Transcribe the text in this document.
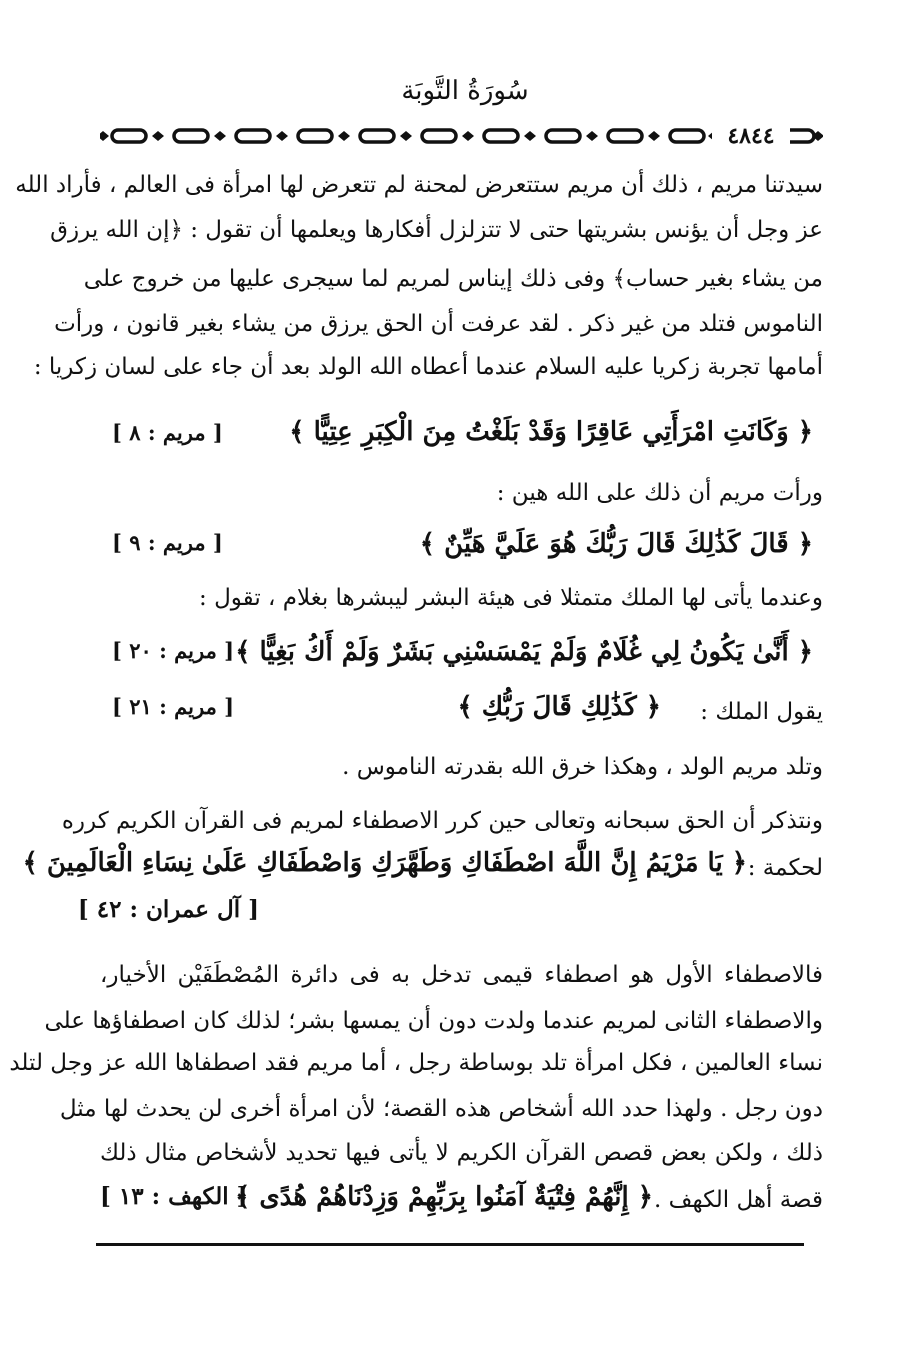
سُورَةُ التَّوبَة
٤٨٤٤
سيدتنا مريم ، ذلك أن مريم ستتعرض لمحنة لم تتعرض لها امرأة فى العالم ، فأراد الله
عز وجل أن يؤنس بشريتها حتى لا تتزلزل أفكارها ويعلمها أن تقول : ﴿إن الله يرزق
من يشاء بغير حساب﴾ وفى ذلك إيناس لمريم لما سيجرى عليها من خروج على
الناموس فتلد من غير ذكر . لقد عرفت أن الحق يرزق من يشاء بغير قانون ، ورأت
أمامها تجربة زكريا عليه السلام عندما أعطاه الله الولد بعد أن جاء على لسان زكريا :
﴿ وَكَانَتِ امْرَأَتِي عَاقِرًا وَقَدْ بَلَغْتُ مِنَ الْكِبَرِ عِتِيًّا ﴾
[ مريم : ٨ ]
ورأت مريم أن ذلك على الله هين :
﴿ قَالَ كَذَٰلِكَ قَالَ رَبُّكَ هُوَ عَلَيَّ هَيِّنٌ ﴾
[ مريم : ٩ ]
وعندما يأتى لها الملك متمثلا فى هيئة البشر ليبشرها بغلام ، تقول :
﴿ أَنَّىٰ يَكُونُ لِي غُلَامٌ وَلَمْ يَمْسَسْنِي بَشَرٌ وَلَمْ أَكُ بَغِيًّا ﴾
[ مريم : ٢٠ ]
يقول الملك :
﴿ كَذَٰلِكِ قَالَ رَبُّكِ ﴾
[ مريم : ٢١ ]
وتلد مريم الولد ، وهكذا خرق الله بقدرته الناموس .
ونتذكر أن الحق سبحانه وتعالى حين كرر الاصطفاء لمريم فى القرآن الكريم كرره
لحكمة :
﴿ يَا مَرْيَمُ إِنَّ اللَّهَ اصْطَفَاكِ وَطَهَّرَكِ وَاصْطَفَاكِ عَلَىٰ نِسَاءِ الْعَالَمِينَ ﴾
[ آل عمران : ٤٢ ]
فالاصطفاء الأول هو اصطفاء قيمى تدخل به فى دائرة المُصْطَفَيْن الأخيار،
والاصطفاء الثانى لمريم عندما ولدت دون أن يمسها بشر؛ لذلك كان اصطفاؤها على
نساء العالمين ، فكل امرأة تلد بوساطة رجل ، أما مريم فقد اصطفاها الله عز وجل لتلد
دون رجل . ولهذا حدد الله أشخاص هذه القصة؛ لأن امرأة أخرى لن يحدث لها مثل
ذلك ، ولكن بعض قصص القرآن الكريم لا يأتى فيها تحديد لأشخاص مثال ذلك
قصة أهل الكهف .
﴿ إِنَّهُمْ فِتْيَةٌ آمَنُوا بِرَبِّهِمْ وَزِدْنَاهُمْ هُدًى ﴾
[ الكهف : ١٣ ]
